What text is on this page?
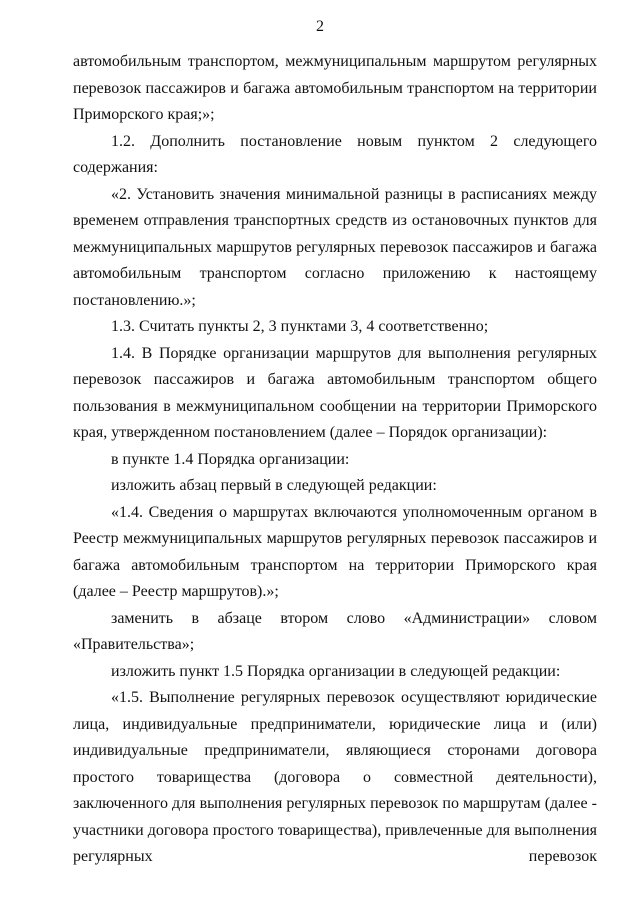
2

автомобильным транспортом, межмуниципальным маршрутом регулярных перевозок пассажиров и багажа автомобильным транспортом на территории Приморского края;»;

1.2. Дополнить постановление новым пунктом 2 следующего содержания:

«2. Установить значения минимальной разницы в расписаниях между временем отправления транспортных средств из остановочных пунктов для межмуниципальных маршрутов регулярных перевозок пассажиров и багажа автомобильным транспортом согласно приложению к настоящему постановлению.»;

1.3. Считать пункты 2, 3 пунктами 3, 4 соответственно;

1.4. В Порядке организации маршрутов для выполнения регулярных перевозок пассажиров и багажа автомобильным транспортом общего пользования в межмуниципальном сообщении на территории Приморского края, утвержденном постановлением (далее – Порядок организации):

в пункте 1.4 Порядка организации:

изложить абзац первый в следующей редакции:

«1.4. Сведения о маршрутах включаются уполномоченным органом в Реестр межмуниципальных маршрутов регулярных перевозок пассажиров и багажа автомобильным транспортом на территории Приморского края (далее – Реестр маршрутов).»;

заменить в абзаце втором слово «Администрации» словом «Правительства»;

изложить пункт 1.5 Порядка организации в следующей редакции:

«1.5. Выполнение регулярных перевозок осуществляют юридические лица, индивидуальные предприниматели, юридические лица и (или) индивидуальные предприниматели, являющиеся сторонами договора простого товарищества (договора о совместной деятельности), заключенного для выполнения регулярных перевозок по маршрутам (далее - участники договора простого товарищества), привлеченные для выполнения регулярных перевозок
